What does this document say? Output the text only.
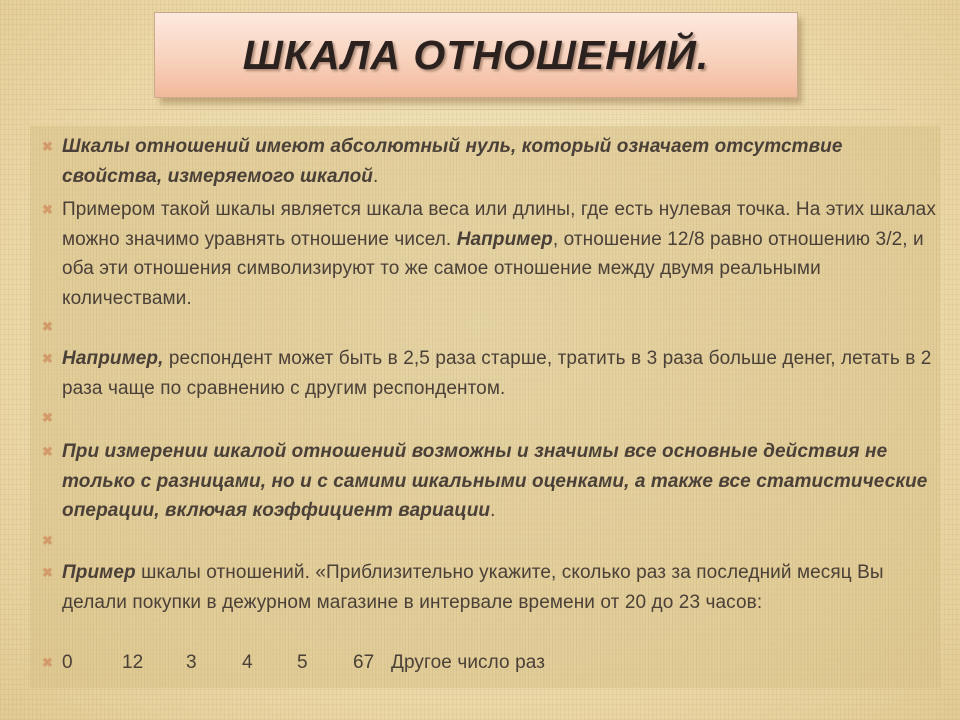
ШКАЛА ОТНОШЕНИЙ.
✖ Шкалы отношений имеют абсолютный нуль, который означает отсутствие свойства, измеряемого шкалой.
✖ Примером такой шкалы является шкала веса или длины, где есть нулевая точка. На этих шкалах можно значимо уравнять отношение чисел. Например, отношение 12/8 равно отношению 3/2, и оба эти отношения символизируют то же самое отношение между двумя реальными количествами.
✖
✖ Например, респондент может быть в 2,5 раза старше, тратить в 3 раза больше денег, летать в 2 раза чаще по сравнению с другим респондентом.
✖
✖ При измерении шкалой отношений возможны и значимы все основные действия не только с разницами, но и с самими шкальными оценками, а также все статистические операции, включая коэффициент вариации.
✖
✖ Пример шкалы отношений. «Приблизительно укажите, сколько раз за последний месяц Вы делали покупки в дежурном магазине в интервале времени от 20 до 23 часов:
✖ 0	12 3 4 5 67 Другое число раз
